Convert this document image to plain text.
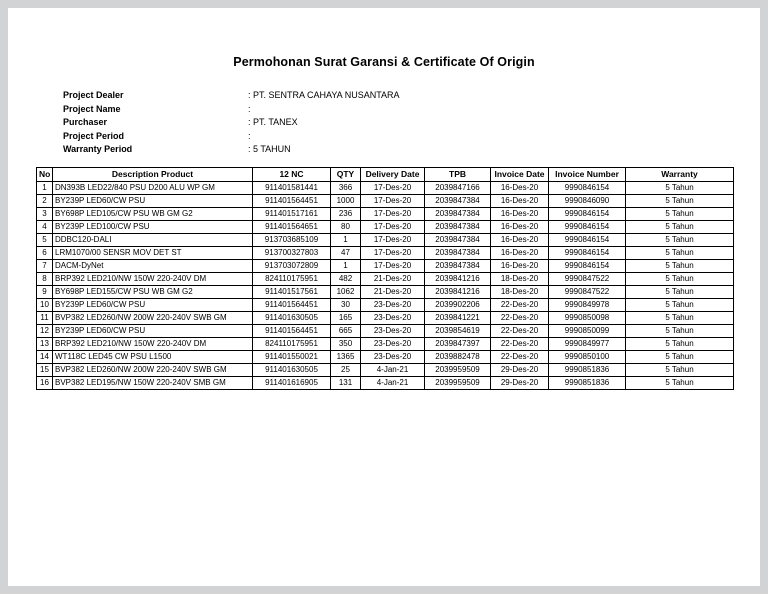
Permohonan Surat Garansi & Certificate Of Origin
Project Dealer	: PT. SENTRA CAHAYA NUSANTARA
Project Name	:
Purchaser	: PT. TANEX
Project Period	:
Warranty Period	: 5 TAHUN
No	Description Product	12 NC	QTY	Delivery Date	TPB	Invoice Date	Invoice Number	Warranty
1	DN393B LED22/840 PSU D200 ALU WP GM	911401581441	366	17-Des-20	2039847166	16-Des-20	9990846154	5 Tahun
2	BY239P LED60/CW PSU	911401564451	1000	17-Des-20	2039847384	16-Des-20	9990846090	5 Tahun
3	BY698P LED105/CW PSU WB GM G2	911401517161	236	17-Des-20	2039847384	16-Des-20	9990846154	5 Tahun
4	BY239P LED100/CW PSU	911401564651	80	17-Des-20	2039847384	16-Des-20	9990846154	5 Tahun
5	DDBC120-DALI	913703685109	1	17-Des-20	2039847384	16-Des-20	9990846154	5 Tahun
6	LRM1070/00 SENSR MOV DET ST	913700327803	47	17-Des-20	2039847384	16-Des-20	9990846154	5 Tahun
7	DACM-DyNet	913703072809	1	17-Des-20	2039847384	16-Des-20	9990846154	5 Tahun
8	BRP392 LED210/NW 150W 220-240V DM	824110175951	482	21-Des-20	2039841216	18-Des-20	9990847522	5 Tahun
9	BY698P LED155/CW PSU WB GM G2	911401517561	1062	21-Des-20	2039841216	18-Des-20	9990847522	5 Tahun
10	BY239P LED60/CW PSU	911401564451	30	23-Des-20	2039902206	22-Des-20	9990849978	5 Tahun
11	BVP382 LED260/NW 200W 220-240V SWB GM	911401630505	165	23-Des-20	2039841221	22-Des-20	9990850098	5 Tahun
12	BY239P LED60/CW PSU	911401564451	665	23-Des-20	2039854619	22-Des-20	9990850099	5 Tahun
13	BRP392 LED210/NW 150W 220-240V DM	824110175951	350	23-Des-20	2039847397	22-Des-20	9990849977	5 Tahun
14	WT118C LED45 CW PSU L1500	911401550021	1365	23-Des-20	2039882478	22-Des-20	9990850100	5 Tahun
15	BVP382 LED260/NW 200W 220-240V SWB GM	911401630505	25	4-Jan-21	2039959509	29-Des-20	9990851836	5 Tahun
16	BVP382 LED195/NW 150W 220-240V SMB GM	911401616905	131	4-Jan-21	2039959509	29-Des-20	9990851836	5 Tahun
